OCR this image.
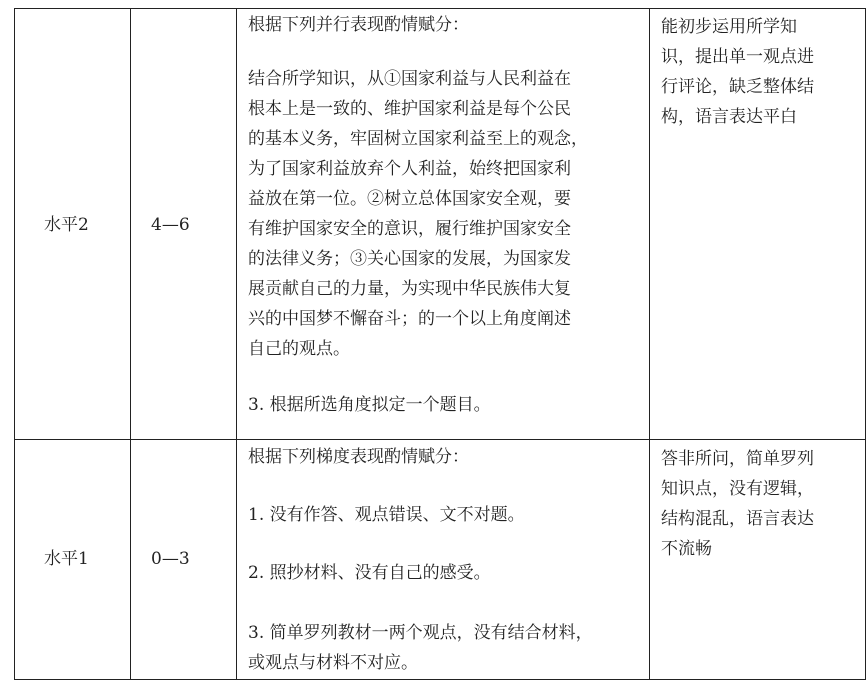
水平2	4—6

根据下列并行表现酌情赋分：

结合所学知识，从①国家利益与人民利益在

根本上是一致的、维护国家利益是每个公民

的基本义务，牢固树立国家利益至上的观念，

为了国家利益放弃个人利益，始终把国家利

益放在第一位。②树立总体国家安全观，要

有维护国家安全的意识，履行维护国家安全

的法律义务；③关心国家的发展，为国家发

展贡献自己的力量，为实现中华民族伟大复

兴的中国梦不懈奋斗；的一个以上角度阐述

自己的观点。

3. 根据所选角度拟定一个题目。

能初步运用所学知

识，提出单一观点进

行评论，缺乏整体结

构，语言表达平白

水平1	0—3

根据下列梯度表现酌情赋分：

1. 没有作答、观点错误、文不对题。

2. 照抄材料、没有自己的感受。

3. 简单罗列教材一两个观点，没有结合材料，

或观点与材料不对应。

答非所问，简单罗列

知识点，没有逻辑，

结构混乱，语言表达

不流畅
